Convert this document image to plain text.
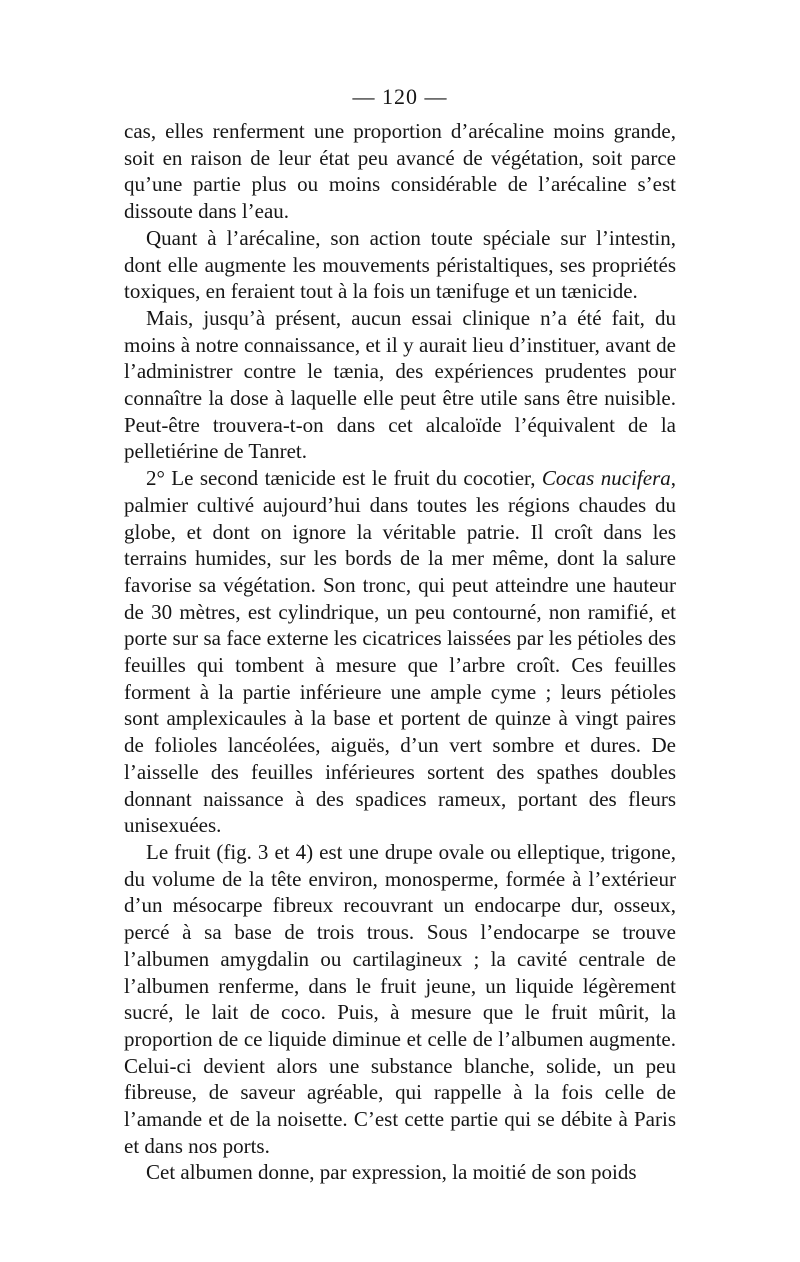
— 120 —

cas, elles renferment une proportion d’arécaline moins grande, soit en raison de leur état peu avancé de végétation, soit parce qu’une partie plus ou moins considérable de l’arécaline s’est dissoute dans l’eau.

Quant à l’arécaline, son action toute spéciale sur l’intestin, dont elle augmente les mouvements péristaltiques, ses propriétés toxiques, en feraient tout à la fois un tænifuge et un tænicide.

Mais, jusqu’à présent, aucun essai clinique n’a été fait, du moins à notre connaissance, et il y aurait lieu d’instituer, avant de l’administrer contre le tænia, des expériences prudentes pour connaître la dose à laquelle elle peut être utile sans être nuisible. Peut-être trouvera-t-on dans cet alcaloïde l’équivalent de la pelletiérine de Tanret.

2° Le second tænicide est le fruit du cocotier, Cocas nucifera, palmier cultivé aujourd’hui dans toutes les régions chaudes du globe, et dont on ignore la véritable patrie. Il croît dans les terrains humides, sur les bords de la mer même, dont la salure favorise sa végétation. Son tronc, qui peut atteindre une hauteur de 30 mètres, est cylindrique, un peu contourné, non ramifié, et porte sur sa face externe les cicatrices laissées par les pétioles des feuilles qui tombent à mesure que l’arbre croît. Ces feuilles forment à la partie inférieure une ample cyme ; leurs pétioles sont amplexicaules à la base et portent de quinze à vingt paires de folioles lancéolées, aiguës, d’un vert sombre et dures. De l’aisselle des feuilles inférieures sortent des spathes doubles donnant naissance à des spadices rameux, portant des fleurs unisexuées.

Le fruit (fig. 3 et 4) est une drupe ovale ou elleptique, trigone, du volume de la tête environ, monosperme, formée à l’extérieur d’un mésocarpe fibreux recouvrant un endocarpe dur, osseux, percé à sa base de trois trous. Sous l’endocarpe se trouve l’albumen amygdalin ou cartilagineux ; la cavité centrale de l’albumen renferme, dans le fruit jeune, un liquide légèrement sucré, le lait de coco. Puis, à mesure que le fruit mûrit, la proportion de ce liquide diminue et celle de l’albumen augmente. Celui-ci devient alors une substance blanche, solide, un peu fibreuse, de saveur agréable, qui rappelle à la fois celle de l’amande et de la noisette. C’est cette partie qui se débite à Paris et dans nos ports.

Cet albumen donne, par expression, la moitié de son poids
